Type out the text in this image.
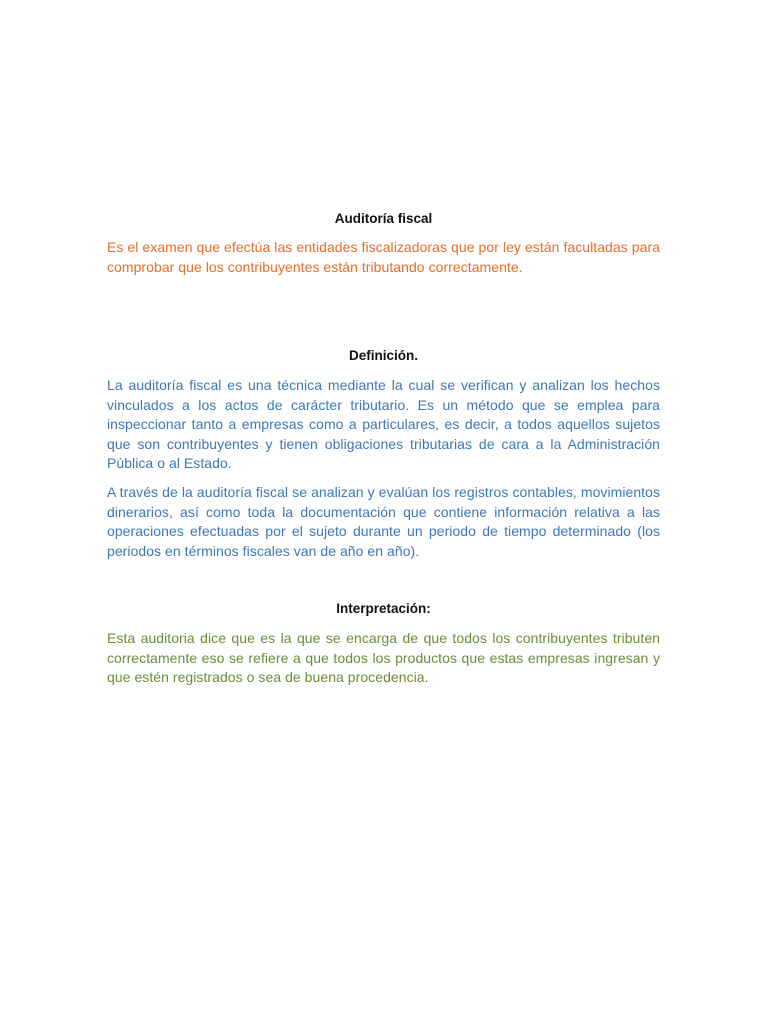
Auditoría fiscal

Es el examen que efectúa las entidades fiscalizadoras que por ley están facultadas para comprobar que los contribuyentes están tributando correctamente.

Definición.

La auditoría fiscal es una técnica mediante la cual se verifican y analizan los hechos vinculados a los actos de carácter tributario. Es un método que se emplea para inspeccionar tanto a empresas como a particulares, es decir, a todos aquellos sujetos que son contribuyentes y tienen obligaciones tributarias de cara a la Administración Pública o al Estado.

A través de la auditoría fiscal se analizan y evalúan los registros contables, movimientos dinerarios, así como toda la documentación que contiene información relativa a las operaciones efectuadas por el sujeto durante un periodo de tiempo determinado (los periodos en términos fiscales van de año en año).

Interpretación:

Esta auditoria dice que es la que se encarga de que todos los contribuyentes tributen correctamente eso se refiere a que todos los productos que estas empresas ingresan y que estén registrados o sea de buena procedencia.
